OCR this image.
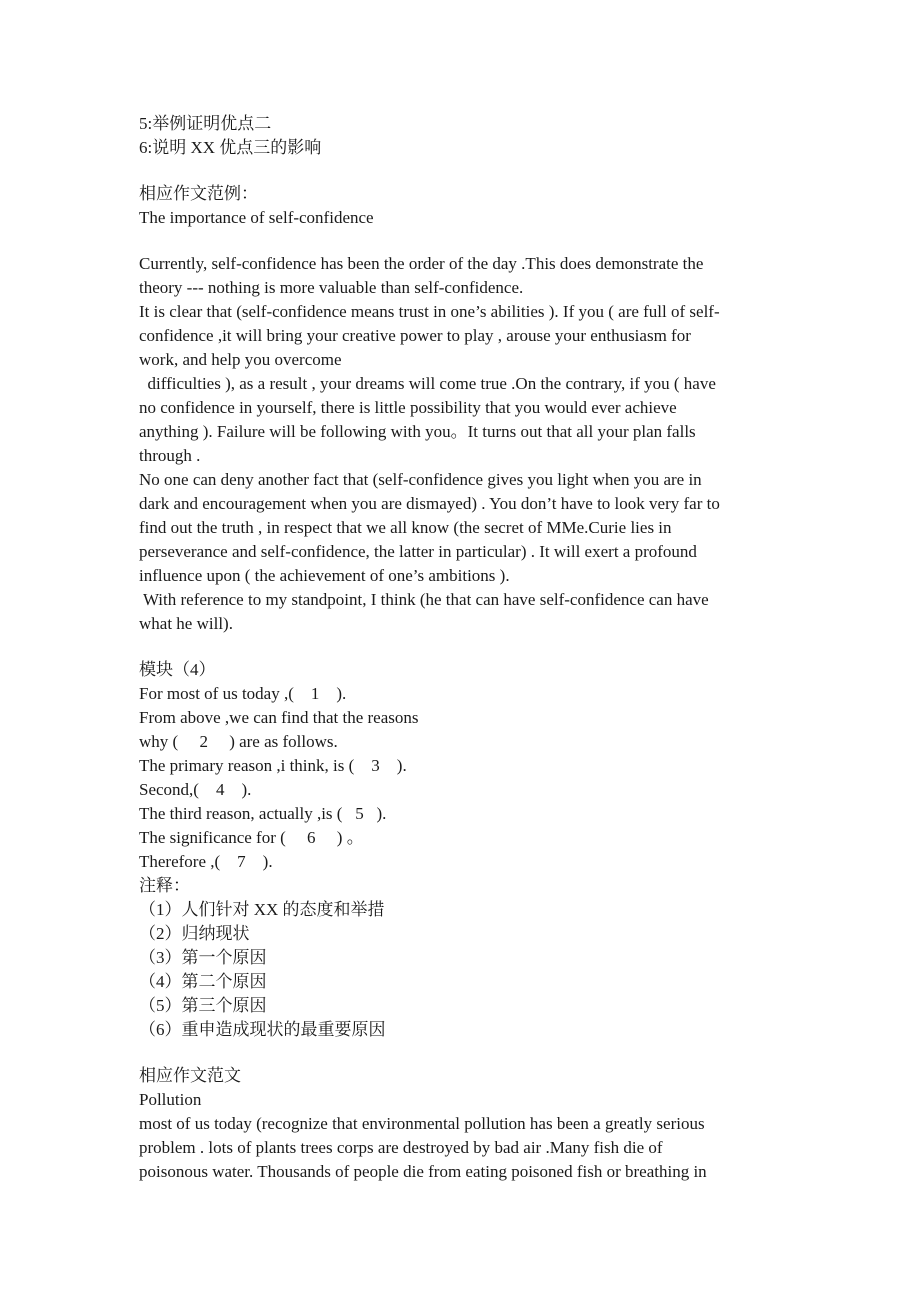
5:举例证明优点二
6:说明 XX 优点三的影响
相应作文范例：
The importance of self-confidence
Currently, self-confidence has been the order of the day .This does demonstrate the
theory --- nothing is more valuable than self-confidence.
It is clear that (self-confidence means trust in one’s abilities ). If you ( are full of self-
confidence ,it will bring your creative power to play , arouse your enthusiasm for
work, and help you overcome
difficulties ), as a result , your dreams will come true .On the contrary, if you ( have
no confidence in yourself, there is little possibility that you would ever achieve
anything ). Failure will be following with you。It turns out that all your plan falls
through .
No one can deny another fact that (self-confidence gives you light when you are in
dark and encouragement when you are dismayed) . You don’t have to look very far to
find out the truth , in respect that we all know (the secret of MMe.Curie lies in
perseverance and self-confidence, the latter in particular) . It will exert a profound
influence upon ( the achievement of one’s ambitions ).
With reference to my standpoint, I think (he that can have self-confidence can have
what he will).
模块（4）
For most of us today ,(    1    ).
From above ,we can find that the reasons
why (     2     ) are as follows.
The primary reason ,i think, is (    3    ).
Second,(    4    ).
The third reason, actually ,is (   5   ).
The significance for (     6     ) 。
Therefore ,(    7    ).
注释：
（1）人们针对 XX 的态度和举措
（2）归纳现状
（3）第一个原因
（4）第二个原因
（5）第三个原因
（6）重申造成现状的最重要原因
相应作文范文
Pollution
most of us today (recognize that environmental pollution has been a greatly serious
problem . lots of plants trees corps are destroyed by bad air .Many fish die of
poisonous water. Thousands of people die from eating poisoned fish or breathing in
